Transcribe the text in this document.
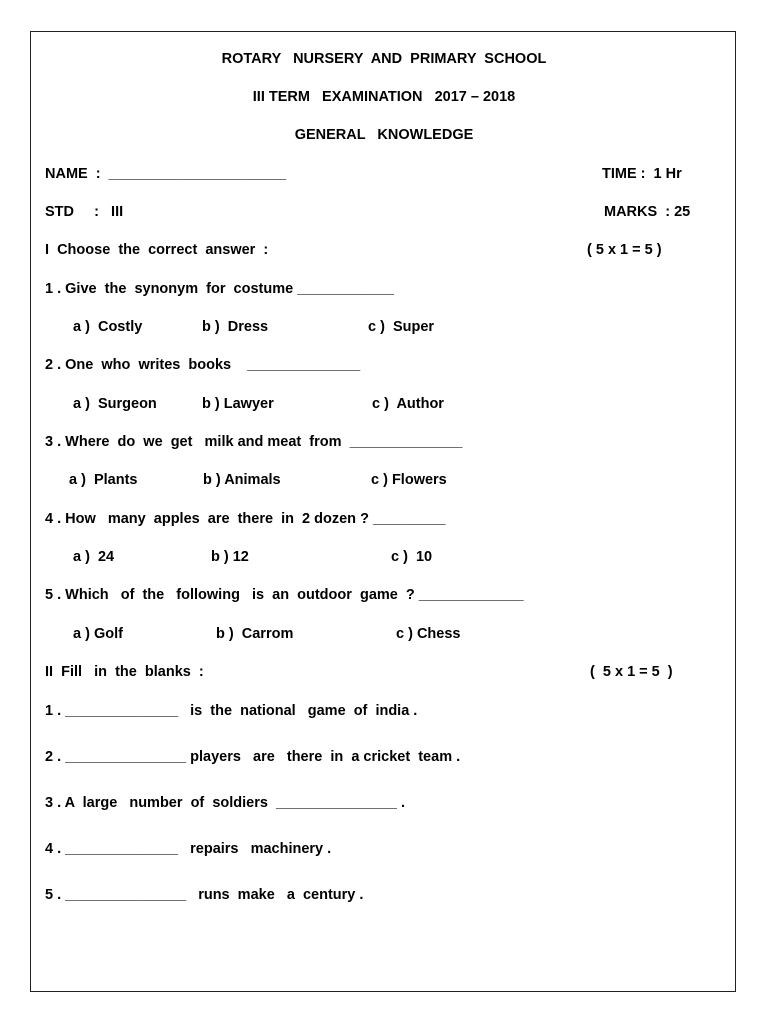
ROTARY   NURSERY  AND  PRIMARY  SCHOOL
III TERM   EXAMINATION   2017 – 2018
GENERAL   KNOWLEDGE
NAME  :  ______________________	TIME :  1 Hr
STD     :   III	MARKS  : 25
I  Choose  the  correct  answer  :	( 5 x 1 = 5 )
1 . Give  the  synonym  for  costume ____________
a )  Costly	b )  Dress	c )  Super
2 . One  who  writes  books    ______________
a )  Surgeon	b ) Lawyer	c )  Author
3 . Where  do  we  get   milk and meat  from  ______________
a )  Plants	b ) Animals	c ) Flowers
4 . How   many  apples  are  there  in  2 dozen ? _________
a )  24	b ) 12	c )  10
5 . Which   of  the   following   is  an  outdoor  game  ? _____________
a ) Golf	b )  Carrom	c ) Chess
II  Fill   in  the  blanks  :	(  5 x 1 = 5  )
1 . ______________   is  the  national   game  of  india .
2 . _______________ players   are   there  in  a cricket  team .
3 . A  large   number  of  soldiers  _______________ .
4 . ______________   repairs   machinery .
5 . _______________   runs  make   a  century .
